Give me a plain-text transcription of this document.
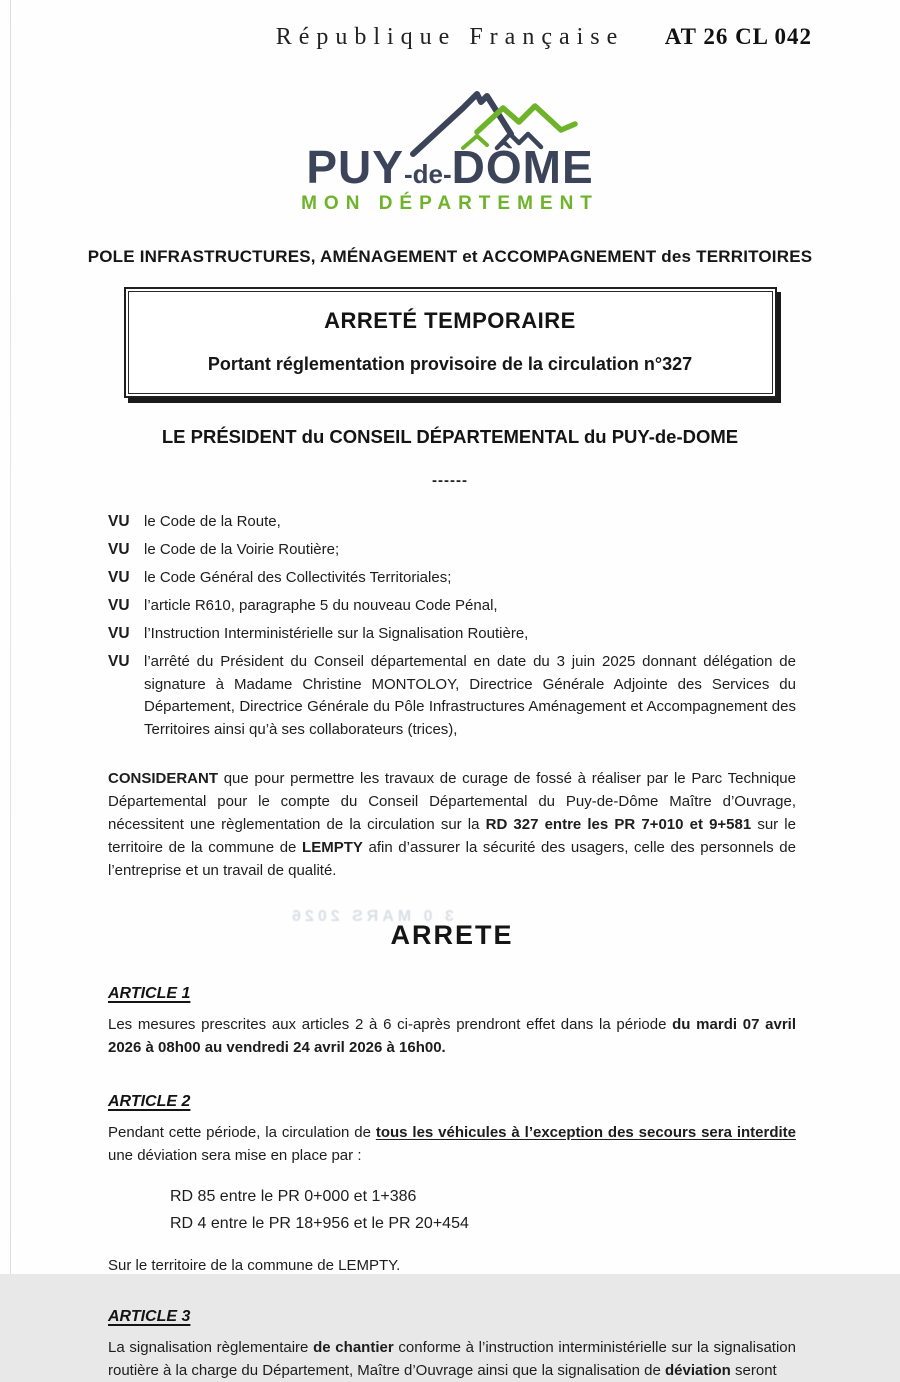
République Française	AT 26 CL 042
PUY-de-DÔME
MON DÉPARTEMENT
POLE INFRASTRUCTURES, AMÉNAGEMENT et ACCOMPAGNEMENT des TERRITOIRES
ARRETÉ TEMPORAIRE
Portant réglementation provisoire de la circulation n°327
LE PRÉSIDENT du CONSEIL DÉPARTEMENTAL du PUY-de-DOME
------
VU le Code de la Route,
VU le Code de la Voirie Routière;
VU le Code Général des Collectivités Territoriales;
VU l’article R610, paragraphe 5 du nouveau Code Pénal,
VU l’Instruction Interministérielle sur la Signalisation Routière,
VU l’arrêté du Président du Conseil départemental en date du 3 juin 2025 donnant délégation de signature à Madame Christine MONTOLOY, Directrice Générale Adjointe des Services du Département, Directrice Générale du Pôle Infrastructures Aménagement et Accompagnement des Territoires ainsi qu’à ses collaborateurs (trices),

CONSIDERANT que pour permettre les travaux de curage de fossé à réaliser par le Parc Technique Départemental pour le compte du Conseil Départemental du Puy-de-Dôme Maître d’Ouvrage, nécessitent une règlementation de la circulation sur la RD 327 entre les PR 7+010 et 9+581 sur le territoire de la commune de LEMPTY afin d’assurer la sécurité des usagers, celle des personnels de l’entreprise et un travail de qualité.

3 0 MARS 2026
ARRETE
ARTICLE 1

Les mesures prescrites aux articles 2 à 6 ci-après prendront effet dans la période du mardi 07 avril 2026 à 08h00 au vendredi 24 avril 2026 à 16h00.

ARTICLE 2

Pendant cette période, la circulation de tous les véhicules à l’exception des secours sera interdite une déviation sera mise en place par :

RD 85 entre le PR 0+000 et 1+386
RD 4 entre le PR 18+956 et le PR 20+454
Sur le territoire de la commune de LEMPTY.
ARTICLE 3

La signalisation règlementaire de chantier conforme à l’instruction interministérielle sur la signalisation routière à la charge du Département, Maître d’Ouvrage ainsi que la signalisation de déviation seront
